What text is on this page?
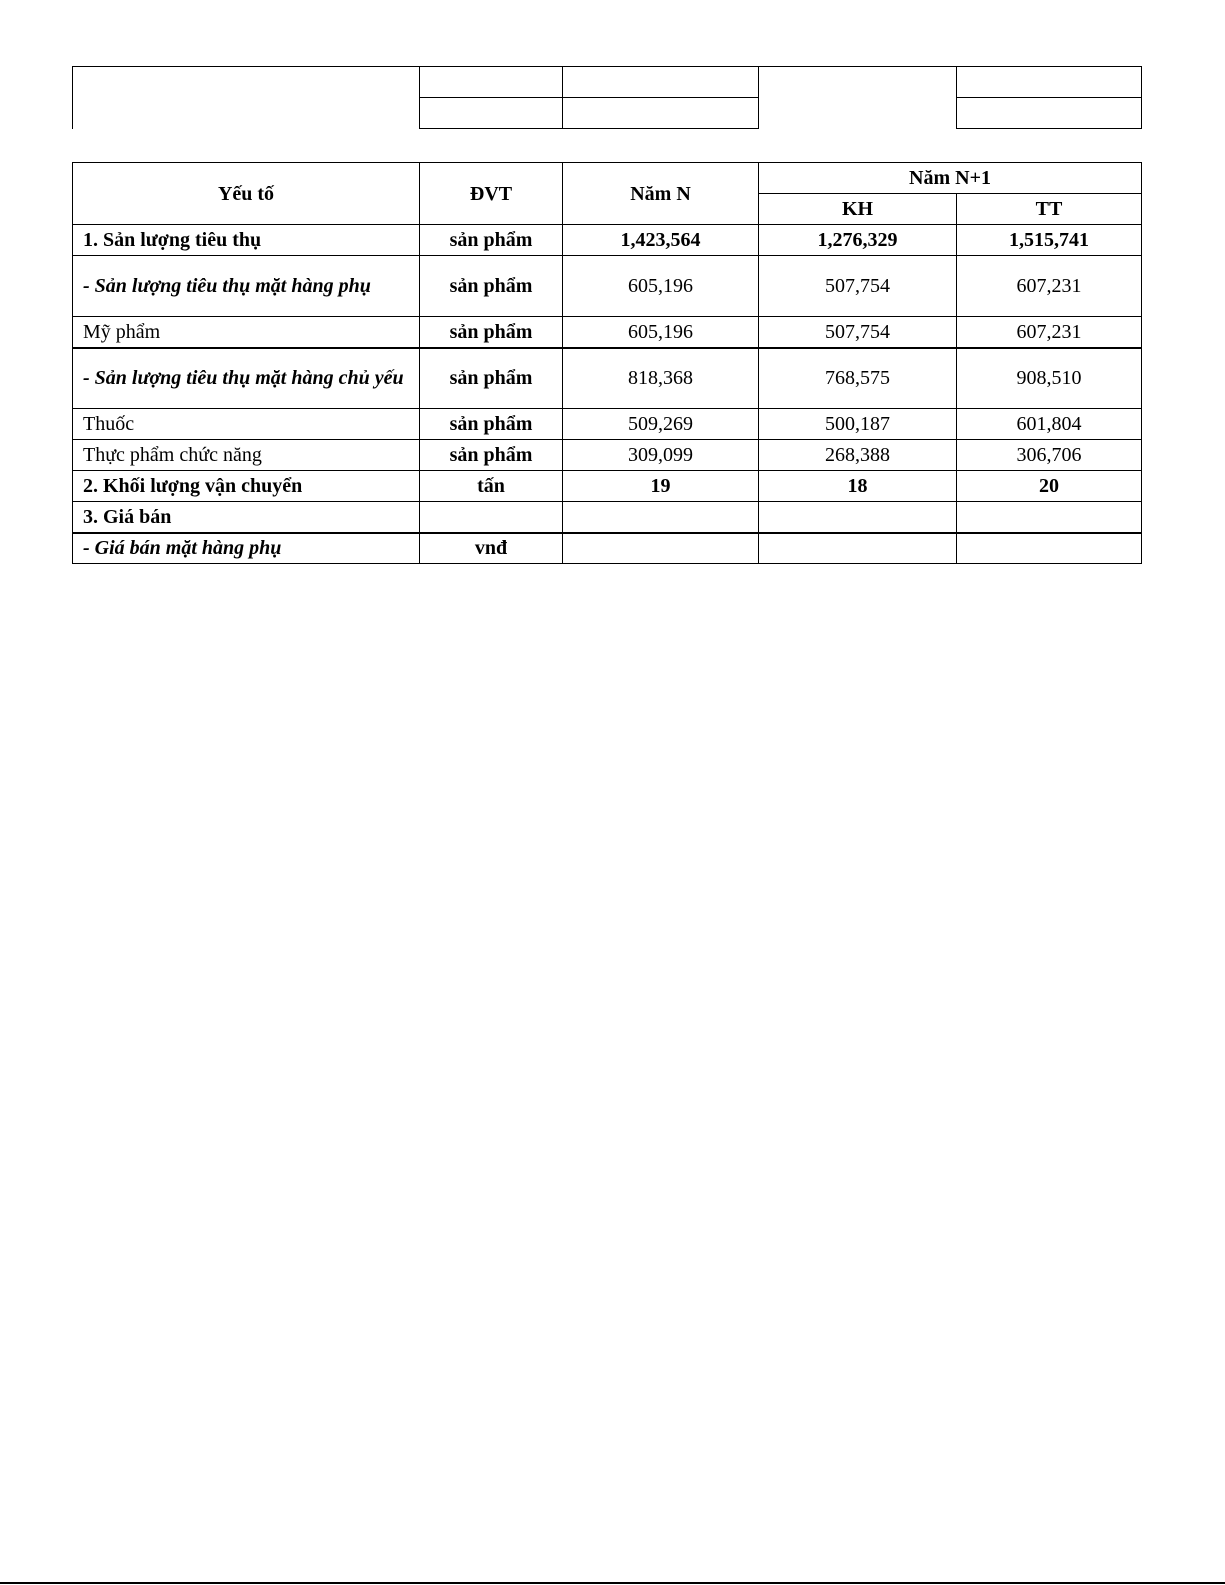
Yếu tố	ĐVT	Năm N	Năm N+1	
			KH	TT
1. Sản lượng tiêu thụ	sản phẩm	1,423,564	1,276,329	1,515,741
- Sản lượng tiêu thụ mặt hàng phụ	sản phẩm	605,196	507,754	607,231
Mỹ phẩm	sản phẩm	605,196	507,754	607,231
- Sản lượng tiêu thụ mặt hàng chủ yếu	sản phẩm	818,368	768,575	908,510
Thuốc	sản phẩm	509,269	500,187	601,804
Thực phẩm chức năng	sản phẩm	309,099	268,388	306,706
2. Khối lượng vận chuyển	tấn	19	18	20
3. Giá bán				
- Giá bán mặt hàng phụ	vnđ			
